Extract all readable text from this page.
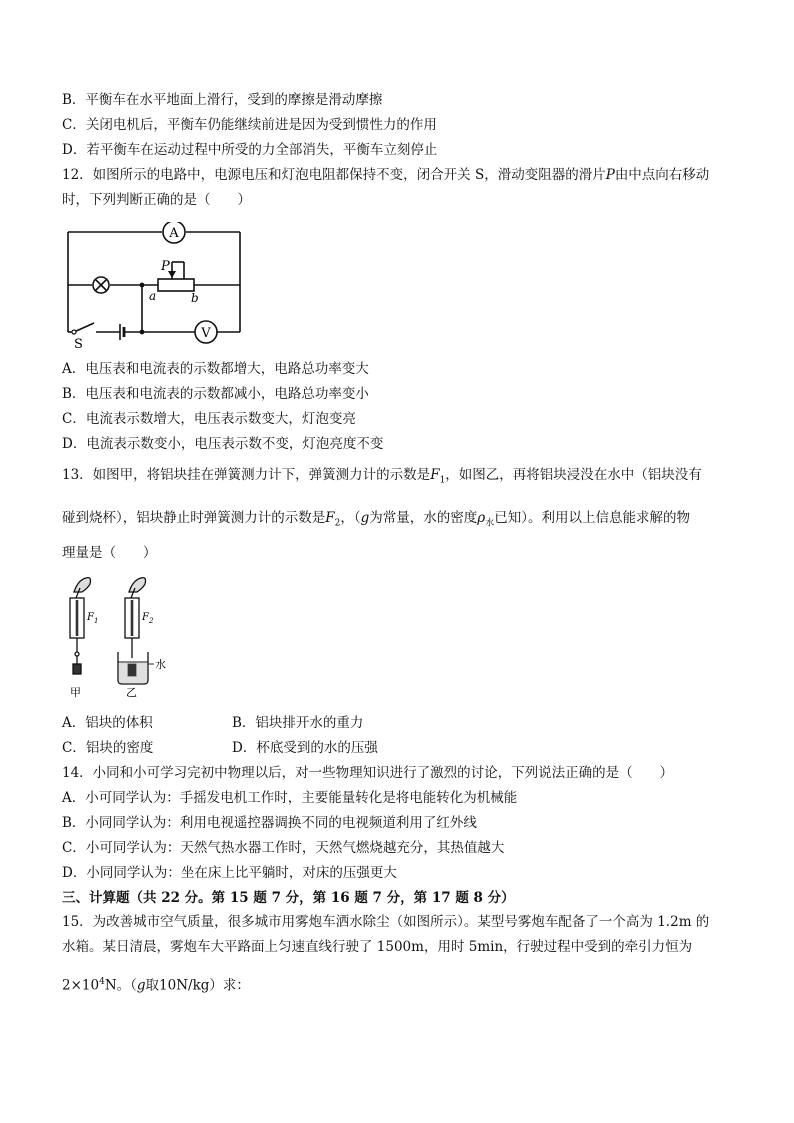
B．平衡车在水平地面上滑行，受到的摩擦是滑动摩擦
C．关闭电机后，平衡车仍能继续前进是因为受到惯性力的作用
D．若平衡车在运动过程中所受的力全部消失，平衡车立刻停止
12．如图所示的电路中，电源电压和灯泡电阻都保持不变，闭合开关 S，滑动变阻器的滑片P由中点向右移动
时，下列判断正确的是（　　）
A
V
P
a	b
S
A．电压表和电流表的示数都增大，电路总功率变大
B．电压表和电流表的示数都减小，电路总功率变小
C．电流表示数增大，电压表示数变大，灯泡变亮
D．电流表示数变小，电压表示数不变，灯泡亮度不变
13．如图甲，将铝块挂在弹簧测力计下，弹簧测力计的示数是$F_1$，如图乙，再将铝块浸没在水中（铝块没有
碰到烧杯），铝块静止时弹簧测力计的示数是$F_2$，（g为常量，水的密度$\rho_水$已知）。利用以上信息能求解的物
理量是（　　）
$F_1$	$F_2$
水
甲	乙
A．铝块的体积	B．铝块排开水的重力
C．铝块的密度	D．杯底受到的水的压强
14．小同和小可学习完初中物理以后，对一些物理知识进行了激烈的讨论，下列说法正确的是（　　）
A．小可同学认为：手摇发电机工作时，主要能量转化是将电能转化为机械能
B．小同同学认为：利用电视遥控器调换不同的电视频道利用了红外线
C．小可同学认为：天然气热水器工作时，天然气燃烧越充分，其热值越大
D．小同同学认为：坐在床上比平躺时，对床的压强更大
三、计算题（共 22 分。第 15 题 7 分，第 16 题 7 分，第 17 题 8 分）
15．为改善城市空气质量，很多城市用雾炮车洒水除尘（如图所示）。某型号雾炮车配备了一个高为 1.2m 的
水箱。某日清晨，雾炮车大平路面上匀速直线行驶了 1500m，用时 5min，行驶过程中受到的牵引力恒为
$2\times 10^4N$。（g取10N/kg）求：
